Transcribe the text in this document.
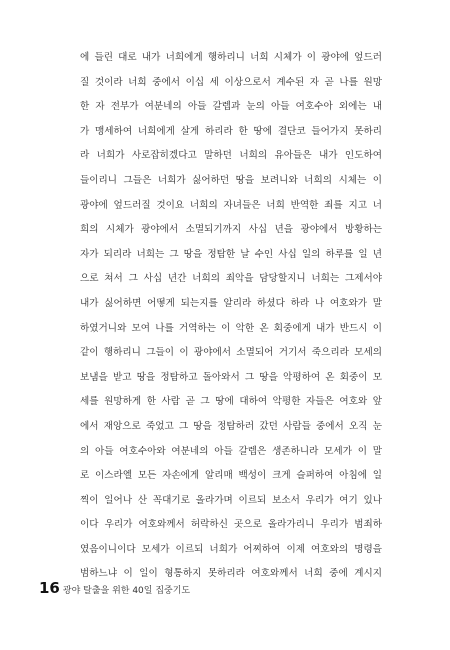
에 들린 대로 내가 너희에게 행하리니 너희 시체가 이 광야에 엎드러
질 것이라 너희 중에서 이십 세 이상으로서 계수된 자 곧 나를 원망
한 자 전부가 여분네의 아들 갈렙과 눈의 아들 여호수아 외에는 내
가 맹세하여 너희에게 살게 하리라 한 땅에 결단코 들어가지 못하리
라 너희가 사로잡히겠다고 말하던 너희의 유아들은 내가 인도하여
들이리니 그들은 너희가 싫어하던 땅을 보려니와 너희의 시체는 이
광야에 엎드러질 것이요 너희의 자녀들은 너희 반역한 죄를 지고 너
희의 시체가 광야에서 소멸되기까지 사십 년을 광야에서 방황하는
자가 되리라 너희는 그 땅을 정탐한 날 수인 사십 일의 하루를 일 년
으로 쳐서 그 사십 년간 너희의 죄악을 담당할지니 너희는 그제서야
내가 싫어하면 어떻게 되는지를 알리라 하셨다 하라 나 여호와가 말
하였거니와 모여 나를 거역하는 이 악한 온 회중에게 내가 반드시 이
같이 행하리니 그들이 이 광야에서 소멸되어 거기서 죽으리라 모세의
보냄을 받고 땅을 정탐하고 돌아와서 그 땅을 악평하여 온 회중이 모
세를 원망하게 한 사람 곧 그 땅에 대하여 악평한 자들은 여호와 앞
에서 재앙으로 죽었고 그 땅을 정탐하러 갔던 사람들 중에서 오직 눈
의 아들 여호수아와 여분네의 아들 갈렙은 생존하니라 모세가 이 말
로 이스라엘 모든 자손에게 알리매 백성이 크게 슬퍼하여 아침에 일
찍이 일어나 산 꼭대기로 올라가며 이르되 보소서 우리가 여기 있나
이다 우리가 여호와께서 허락하신 곳으로 올라가리니 우리가 범죄하
였음이니이다 모세가 이르되 너희가 어찌하여 이제 여호와의 명령을
범하느냐 이 일이 형통하지 못하리라 여호와께서 너희 중에 계시지
16 광야 탈출을 위한 40일 집중기도
